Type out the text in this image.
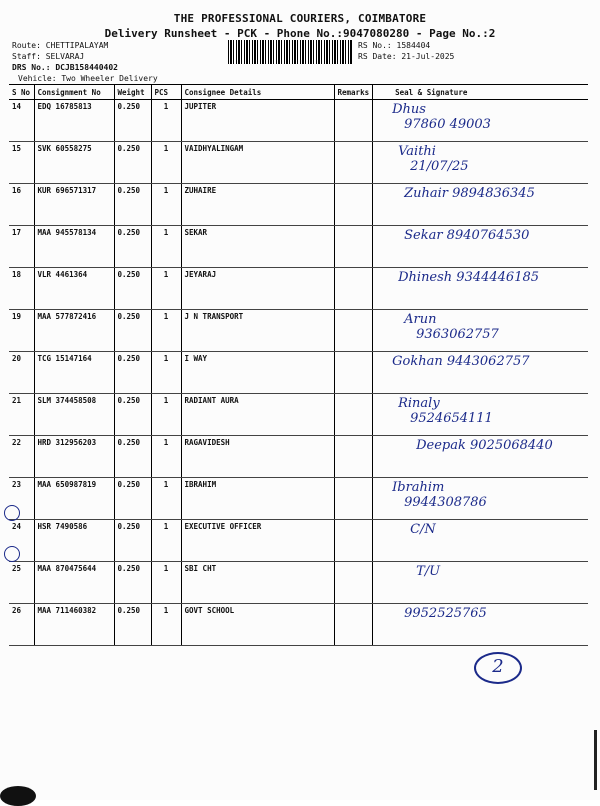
THE PROFESSIONAL COURIERS, COIMBATORE
Delivery Runsheet - PCK - Phone No.:9047080280 - Page No.:2
Route: CHETTIPALAYAM
Staff: SELVARAJ
DRS No.: DCJB158440402
Vehicle: Two Wheeler Delivery
RS No.: 1584404
RS Date: 21-Jul-2025
S No	Consignment No	Weight	PCS	Consignee Details	Remarks	Seal & Signature
14	EDQ 16785813	0.250	1	JUPITER		Dhus
97860 49003

15	SVK 60558275	0.250	1	VAIDHYALINGAM		Vaithi
21/07/25

16	KUR 696571317	0.250	1	ZUHAIRE		Zuhair 9894836345

17	MAA 945578134	0.250	1	SEKAR		Sekar 8940764530

18	VLR 4461364	0.250	1	JEYARAJ		Dhinesh 9344446185

19	MAA 577872416	0.250	1	J N TRANSPORT		Arun
9363062757

20	TCG 15147164	0.250	1	I WAY		Gokhan 9443062757

21	SLM 374458508	0.250	1	RADIANT AURA		Rinaly
9524654111

22	HRD 312956203	0.250	1	RAGAVIDESH		Deepak 9025068440

23	MAA 650987819	0.250	1	IBRAHIM		Ibrahim
9944308786

24	HSR 7490586	0.250	1	EXECUTIVE OFFICER		C/N

25	MAA 870475644	0.250	1	SBI CHT		T/U

26	MAA 711460382	0.250	1	GOVT SCHOOL		9952525765
2
